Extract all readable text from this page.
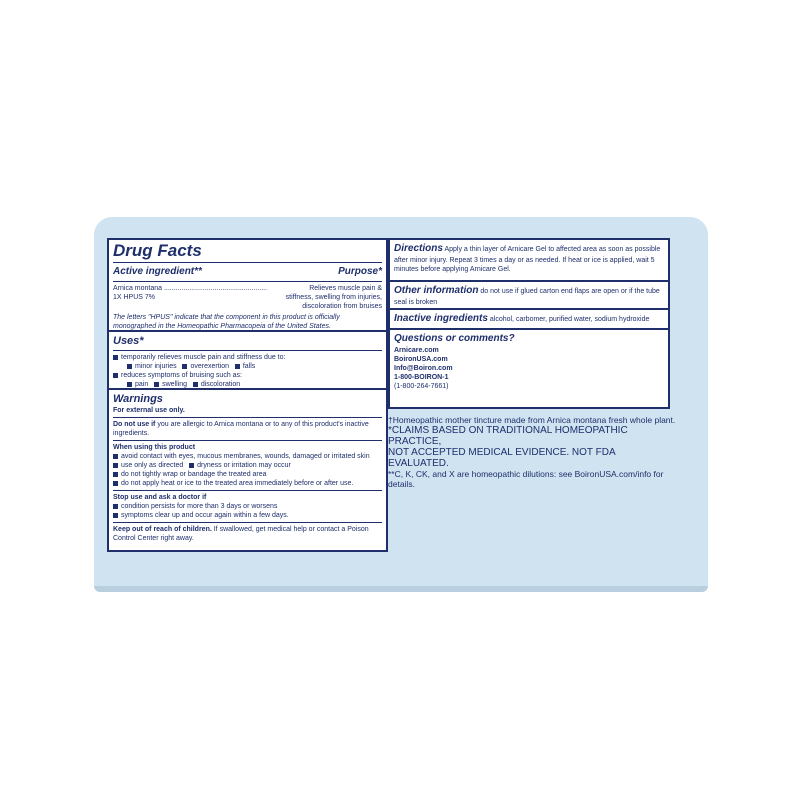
Drug Facts

Active ingredient**	Purpose*
Arnica montana .....................................................	Relieves muscle pain &
1X HPUS 7%	stiffness, swelling from injuries,
discoloration from bruises

The letters "HPUS" indicate that the component in this product is officially monographed in the Homeopathic Pharmacopeia of the United States.

Uses*

temporarily relieves muscle pain and stiffness due to:

minor injuries overexertion falls

reduces symptoms of bruising such as:

pain swelling discoloration

Warnings

For external use only.

Do not use if you are allergic to Arnica montana or to any of this product's inactive ingredients.

When using this product

avoid contact with eyes, mucous membranes, wounds, damaged or irritated skin

use only as directed dryness or irritation may occur

do not tightly wrap or bandage the treated area

do not apply heat or ice to the treated area immediately before or after use.

Stop use and ask a doctor if

condition persists for more than 3 days or worsens

symptoms clear up and occur again within a few days.

Keep out of reach of children. If swallowed, get medical help or contact a Poison Control Center right away.

Directions Apply a thin layer of Arnicare Gel to affected area as soon as possible after minor injury. Repeat 3 times a day or as needed. If heat or ice is applied, wait 5 minutes before applying Arnicare Gel.

Other information do not use if glued carton end flaps are open or if the tube seal is broken

Inactive ingredients alcohol, carbomer, purified water, sodium hydroxide

Questions or comments?

Arnicare.com

BoironUSA.com

Info@Boiron.com

1-800-BOIRON-1

(1-800-264-7661)

†Homeopathic mother tincture made from Arnica montana fresh whole plant.

*CLAIMS BASED ON TRADITIONAL HOMEOPATHIC PRACTICE,

NOT ACCEPTED MEDICAL EVIDENCE. NOT FDA EVALUATED.

**C, K, CK, and X are homeopathic dilutions: see BoironUSA.com/info for details.
